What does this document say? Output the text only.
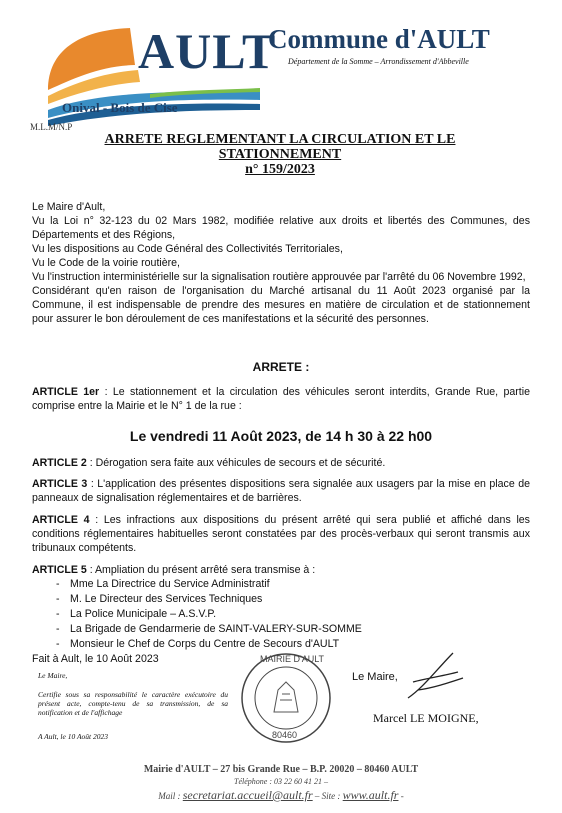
AULT
Onival - Bois de Cise
M.L.M/N.P
Commune d'AULT
Département de la Somme – Arrondissement d'Abbeville
ARRETE REGLEMENTANT LA CIRCULATION ET LE
STATIONNEMENT
n° 159/2023

Le Maire d'Ault,

Vu la Loi n° 32-123 du 02 Mars 1982, modifiée relative aux droits et libertés des Communes, des Départements et des Régions,

Vu les dispositions au Code Général des Collectivités Territoriales,

Vu le Code de la voirie routière,

Vu l'instruction interministérielle sur la signalisation routière approuvée par l'arrêté du 06 Novembre 1992,

Considérant qu'en raison de l'organisation du Marché artisanal du 11 Août 2023 organisé par la Commune, il est indispensable de prendre des mesures en matière de circulation et de stationnement pour assurer le bon déroulement de ces manifestations et la sécurité des personnes.

ARRETE :

ARTICLE 1er : Le stationnement et la circulation des véhicules seront interdits, Grande Rue, partie comprise entre la Mairie et le N° 1 de la rue :

Le vendredi 11 Août 2023, de 14 h 30 à 22 h00

ARTICLE 2 : Dérogation sera faite aux véhicules de secours et de sécurité.

ARTICLE 3 : L'application des présentes dispositions sera signalée aux usagers par la mise en place de panneaux de signalisation réglementaires et de barrières.

ARTICLE 4 : Les infractions aux dispositions du présent arrêté qui sera publié et affiché dans les conditions réglementaires habituelles seront constatées par des procès-verbaux qui seront transmis aux tribunaux compétents.

ARTICLE 5 : Ampliation du présent arrêté sera transmise à :

- Mme La Directrice du Service Administratif
- M. Le Directeur des Services Techniques
- La Police Municipale – A.S.V.P.
- La Brigade de Gendarmerie de SAINT-VALERY-SUR-SOMME
- Monsieur le Chef de Corps du Centre de Secours d'AULT

Fait à Ault, le 10 Août 2023

Le Maire,
Certifie sous sa responsabilité le caractère exécutoire du présent acte, compte-tenu de sa transmission, de sa notification et de l'affichage
A Ault, le 10 Août 2023
MAIRIE D'AULT
80460
Le Maire,
Marcel LE MOIGNE,
Mairie d'AULT – 27 bis Grande Rue – B.P. 20020 – 80460 AULT
Téléphone : 03 22 60 41 21 –
Mail : secretariat.accueil@ault.fr – Site : www.ault.fr -
